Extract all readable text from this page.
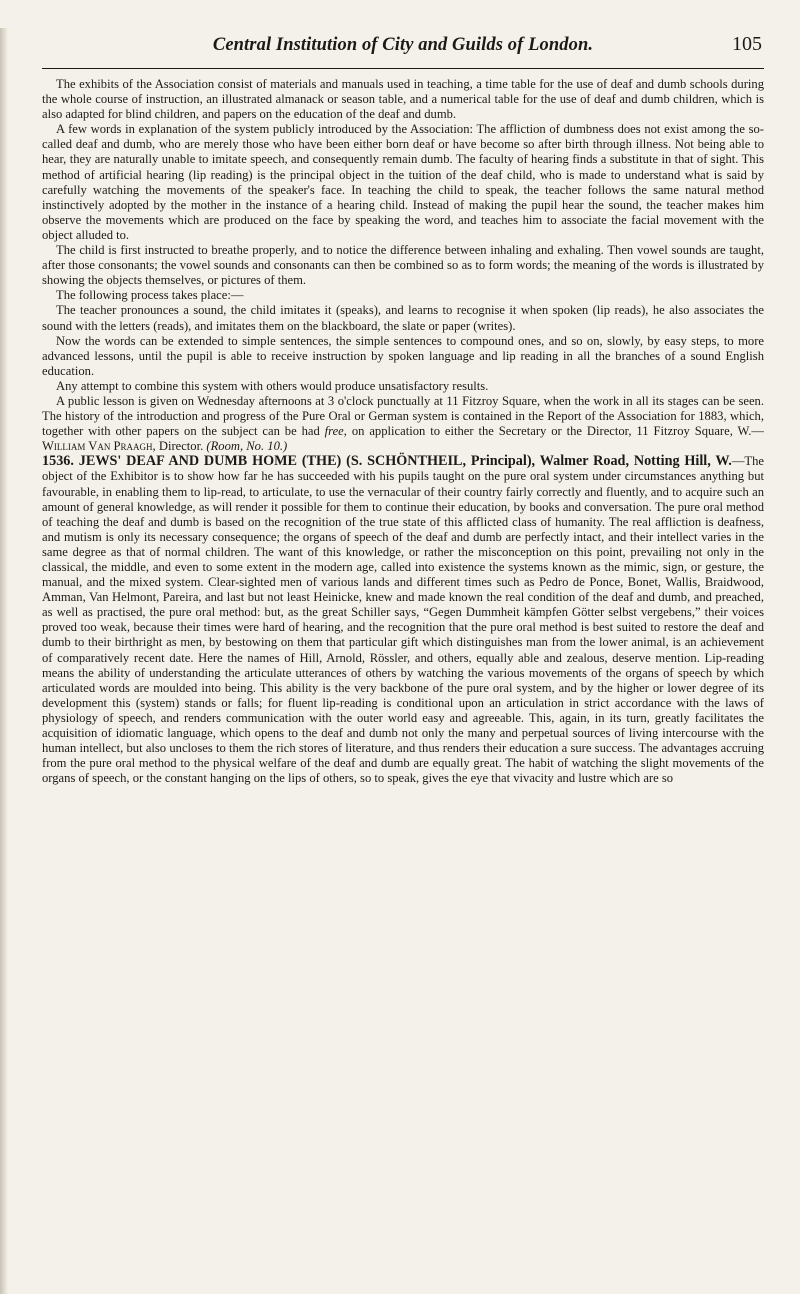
Central Institution of City and Guilds of London.	105

The exhibits of the Association consist of materials and manuals used in teaching, a time table for the use of deaf and dumb schools during the whole course of instruction, an illustrated almanack or season table, and a numerical table for the use of deaf and dumb children, which is also adapted for blind children, and papers on the education of the deaf and dumb.

A few words in explanation of the system publicly introduced by the Association: The affliction of dumbness does not exist among the so-called deaf and dumb, who are merely those who have been either born deaf or have become so after birth through illness. Not being able to hear, they are naturally unable to imitate speech, and consequently remain dumb. The faculty of hearing finds a substitute in that of sight. This method of artificial hearing (lip reading) is the principal object in the tuition of the deaf child, who is made to understand what is said by carefully watching the movements of the speaker's face. In teaching the child to speak, the teacher follows the same natural method instinctively adopted by the mother in the instance of a hearing child. Instead of making the pupil hear the sound, the teacher makes him observe the movements which are produced on the face by speaking the word, and teaches him to associate the facial movement with the object alluded to.

The child is first instructed to breathe properly, and to notice the difference between inhaling and exhaling. Then vowel sounds are taught, after those consonants; the vowel sounds and consonants can then be combined so as to form words; the meaning of the words is illustrated by showing the objects themselves, or pictures of them.

The following process takes place:—

The teacher pronounces a sound, the child imitates it (speaks), and learns to recognise it when spoken (lip reads), he also associates the sound with the letters (reads), and imitates them on the blackboard, the slate or paper (writes).

Now the words can be extended to simple sentences, the simple sentences to compound ones, and so on, slowly, by easy steps, to more advanced lessons, until the pupil is able to receive instruction by spoken language and lip reading in all the branches of a sound English education.

Any attempt to combine this system with others would produce unsatisfactory results.

A public lesson is given on Wednesday afternoons at 3 o'clock punctually at 11 Fitzroy Square, when the work in all its stages can be seen. The history of the introduction and progress of the Pure Oral or German system is contained in the Report of the Association for 1883, which, together with other papers on the subject can be had free, on application to either the Secretary or the Director, 11 Fitzroy Square, W.—William Van Praagh, Director. (Room, No. 10.)

1536. JEWS' DEAF AND DUMB HOME (THE) (S. SCHÖNTHEIL, Principal), Walmer Road, Notting Hill, W.—The object of the Exhibitor is to show how far he has succeeded with his pupils taught on the pure oral system under circumstances anything but favourable, in enabling them to lip-read, to articulate, to use the vernacular of their country fairly correctly and fluently, and to acquire such an amount of general knowledge, as will render it possible for them to continue their education, by books and conversation. The pure oral method of teaching the deaf and dumb is based on the recognition of the true state of this afflicted class of humanity. The real affliction is deafness, and mutism is only its necessary consequence; the organs of speech of the deaf and dumb are perfectly intact, and their intellect varies in the same degree as that of normal children. The want of this knowledge, or rather the misconception on this point, prevailing not only in the classical, the middle, and even to some extent in the modern age, called into existence the systems known as the mimic, sign, or gesture, the manual, and the mixed system. Clear-sighted men of various lands and different times such as Pedro de Ponce, Bonet, Wallis, Braidwood, Amman, Van Helmont, Pareira, and last but not least Heinicke, knew and made known the real condition of the deaf and dumb, and preached, as well as practised, the pure oral method: but, as the great Schiller says, “Gegen Dummheit kämpfen Götter selbst vergebens,” their voices proved too weak, because their times were hard of hearing, and the recognition that the pure oral method is best suited to restore the deaf and dumb to their birthright as men, by bestowing on them that particular gift which distinguishes man from the lower animal, is an achievement of comparatively recent date. Here the names of Hill, Arnold, Rössler, and others, equally able and zealous, deserve mention. Lip-reading means the ability of understanding the articulate utterances of others by watching the various movements of the organs of speech by which articulated words are moulded into being. This ability is the very backbone of the pure oral system, and by the higher or lower degree of its development this (system) stands or falls; for fluent lip-reading is conditional upon an articulation in strict accordance with the laws of physiology of speech, and renders communication with the outer world easy and agreeable. This, again, in its turn, greatly facilitates the acquisition of idiomatic language, which opens to the deaf and dumb not only the many and perpetual sources of living intercourse with the human intellect, but also uncloses to them the rich stores of literature, and thus renders their education a sure success. The advantages accruing from the pure oral method to the physical welfare of the deaf and dumb are equally great. The habit of watching the slight movements of the organs of speech, or the constant hanging on the lips of others, so to speak, gives the eye that vivacity and lustre which are so
